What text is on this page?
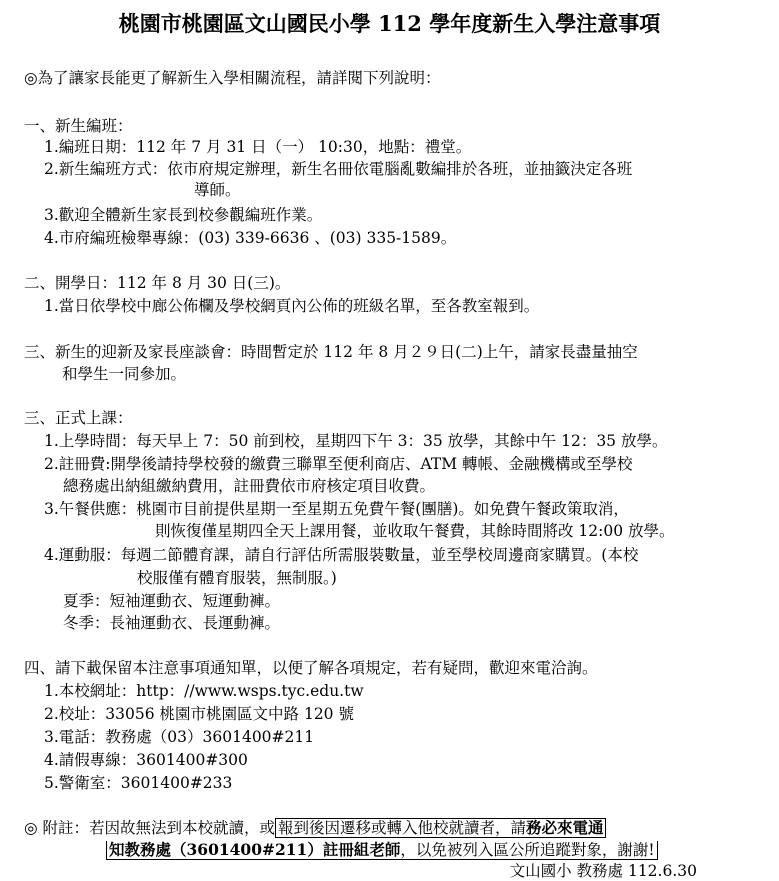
桃園市桃園區文山國民小學 112 學年度新生入學注意事項
◎為了讓家長能更了解新生入學相關流程，請詳閱下列說明：
一、新生編班：
1.編班日期：112 年 7 月 31 日（一） 10:30，地點：禮堂。
2.新生編班方式：依市府規定辦理，新生名冊依電腦亂數編排於各班，並抽籤決定各班
導師。
3.歡迎全體新生家長到校參觀編班作業。
4.市府編班檢舉專線：(03) 339-6636 、(03) 335-1589。
二、開學日：112 年 8 月 30 日(三)。
1.當日依學校中廊公佈欄及學校網頁內公佈的班級名單，至各教室報到。
三、新生的迎新及家長座談會：時間暫定於 112 年 8 月２９日(二)上午，請家長盡量抽空
和學生一同參加。
三、正式上課：
1.上學時間：每天早上 7：50 前到校，星期四下午 3：35 放學，其餘中午 12：35 放學。
2.註冊費:開學後請持學校發的繳費三聯單至便利商店、ATM 轉帳、金融機構或至學校
總務處出納組繳納費用，註冊費依市府核定項目收費。
3.午餐供應：桃園市目前提供星期一至星期五免費午餐(團膳)。如免費午餐政策取消，
則恢復僅星期四全天上課用餐，並收取午餐費，其餘時間將改 12:00 放學。
4.運動服：每週二節體育課，請自行評估所需服裝數量，並至學校周邊商家購買。(本校
校服僅有體育服裝，無制服。)
夏季：短袖運動衣、短運動褲。
冬季：長袖運動衣、長運動褲。
四、請下載保留本注意事項通知單，以便了解各項規定，若有疑問，歡迎來電洽詢。
1.本校網址：http：//www.wsps.tyc.edu.tw
2.校址：33056 桃園市桃園區文中路 120 號
3.電話：教務處（03）3601400#211
4.請假專線：3601400#300
5.警衛室：3601400#233
◎ 附註：若因故無法到本校就讀，或 報到後因遷移或轉入他校就讀者，請務必來電通
知教務處（3601400#211）註冊組老師，以免被列入區公所追蹤對象，謝謝!
文山國小 教務處 112.6.30
